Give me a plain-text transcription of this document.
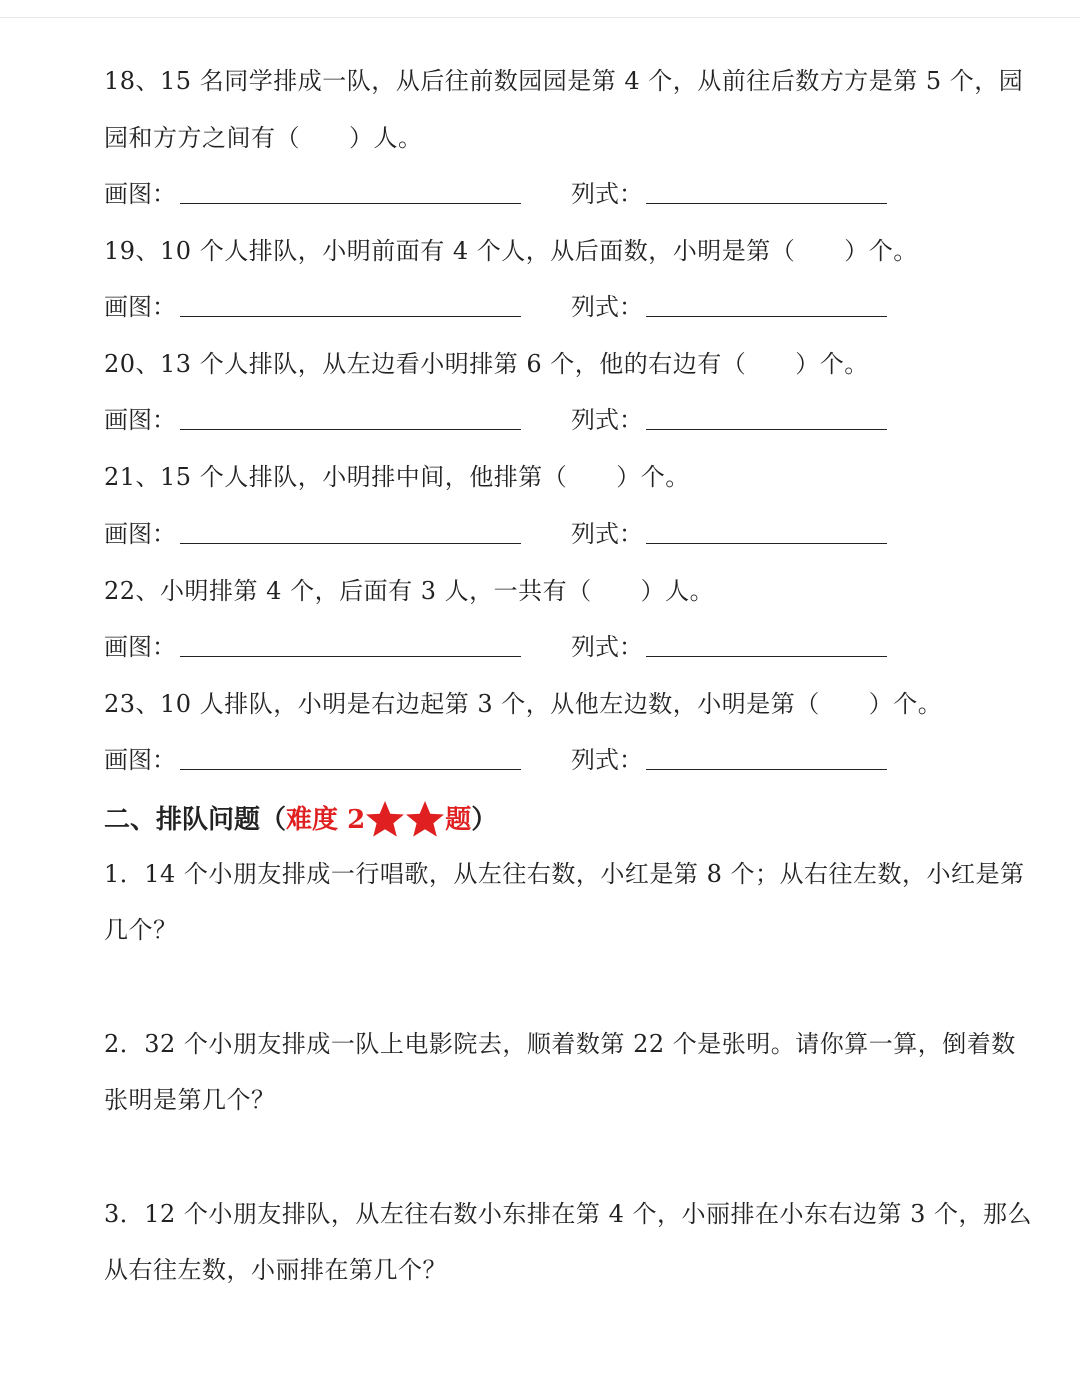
18、15 名同学排成一队，从后往前数园园是第 4 个，从前往后数方方是第 5 个，园
园和方方之间有（　　）人。
画图：	列式：
19、10 个人排队，小明前面有 4 个人，从后面数，小明是第（　　）个。
画图：	列式：
20、13 个人排队，从左边看小明排第 6 个，他的右边有（　　）个。
画图：	列式：
21、15 个人排队，小明排中间，他排第（　　）个。
画图：	列式：
22、小明排第 4 个，后面有 3 人，一共有（　　）人。
画图：	列式：
23、10 人排队，小明是右边起第 3 个，从他左边数，小明是第（　　）个。
画图：	列式：
二、排队问题（难度 2	题）
1．14 个小朋友排成一行唱歌，从左往右数，小红是第 8 个；从右往左数，小红是第
几个？
2．32 个小朋友排成一队上电影院去，顺着数第 22 个是张明。请你算一算，倒着数
张明是第几个？
3．12 个小朋友排队，从左往右数小东排在第 4 个，小丽排在小东右边第 3 个，那么
从右往左数，小丽排在第几个？
